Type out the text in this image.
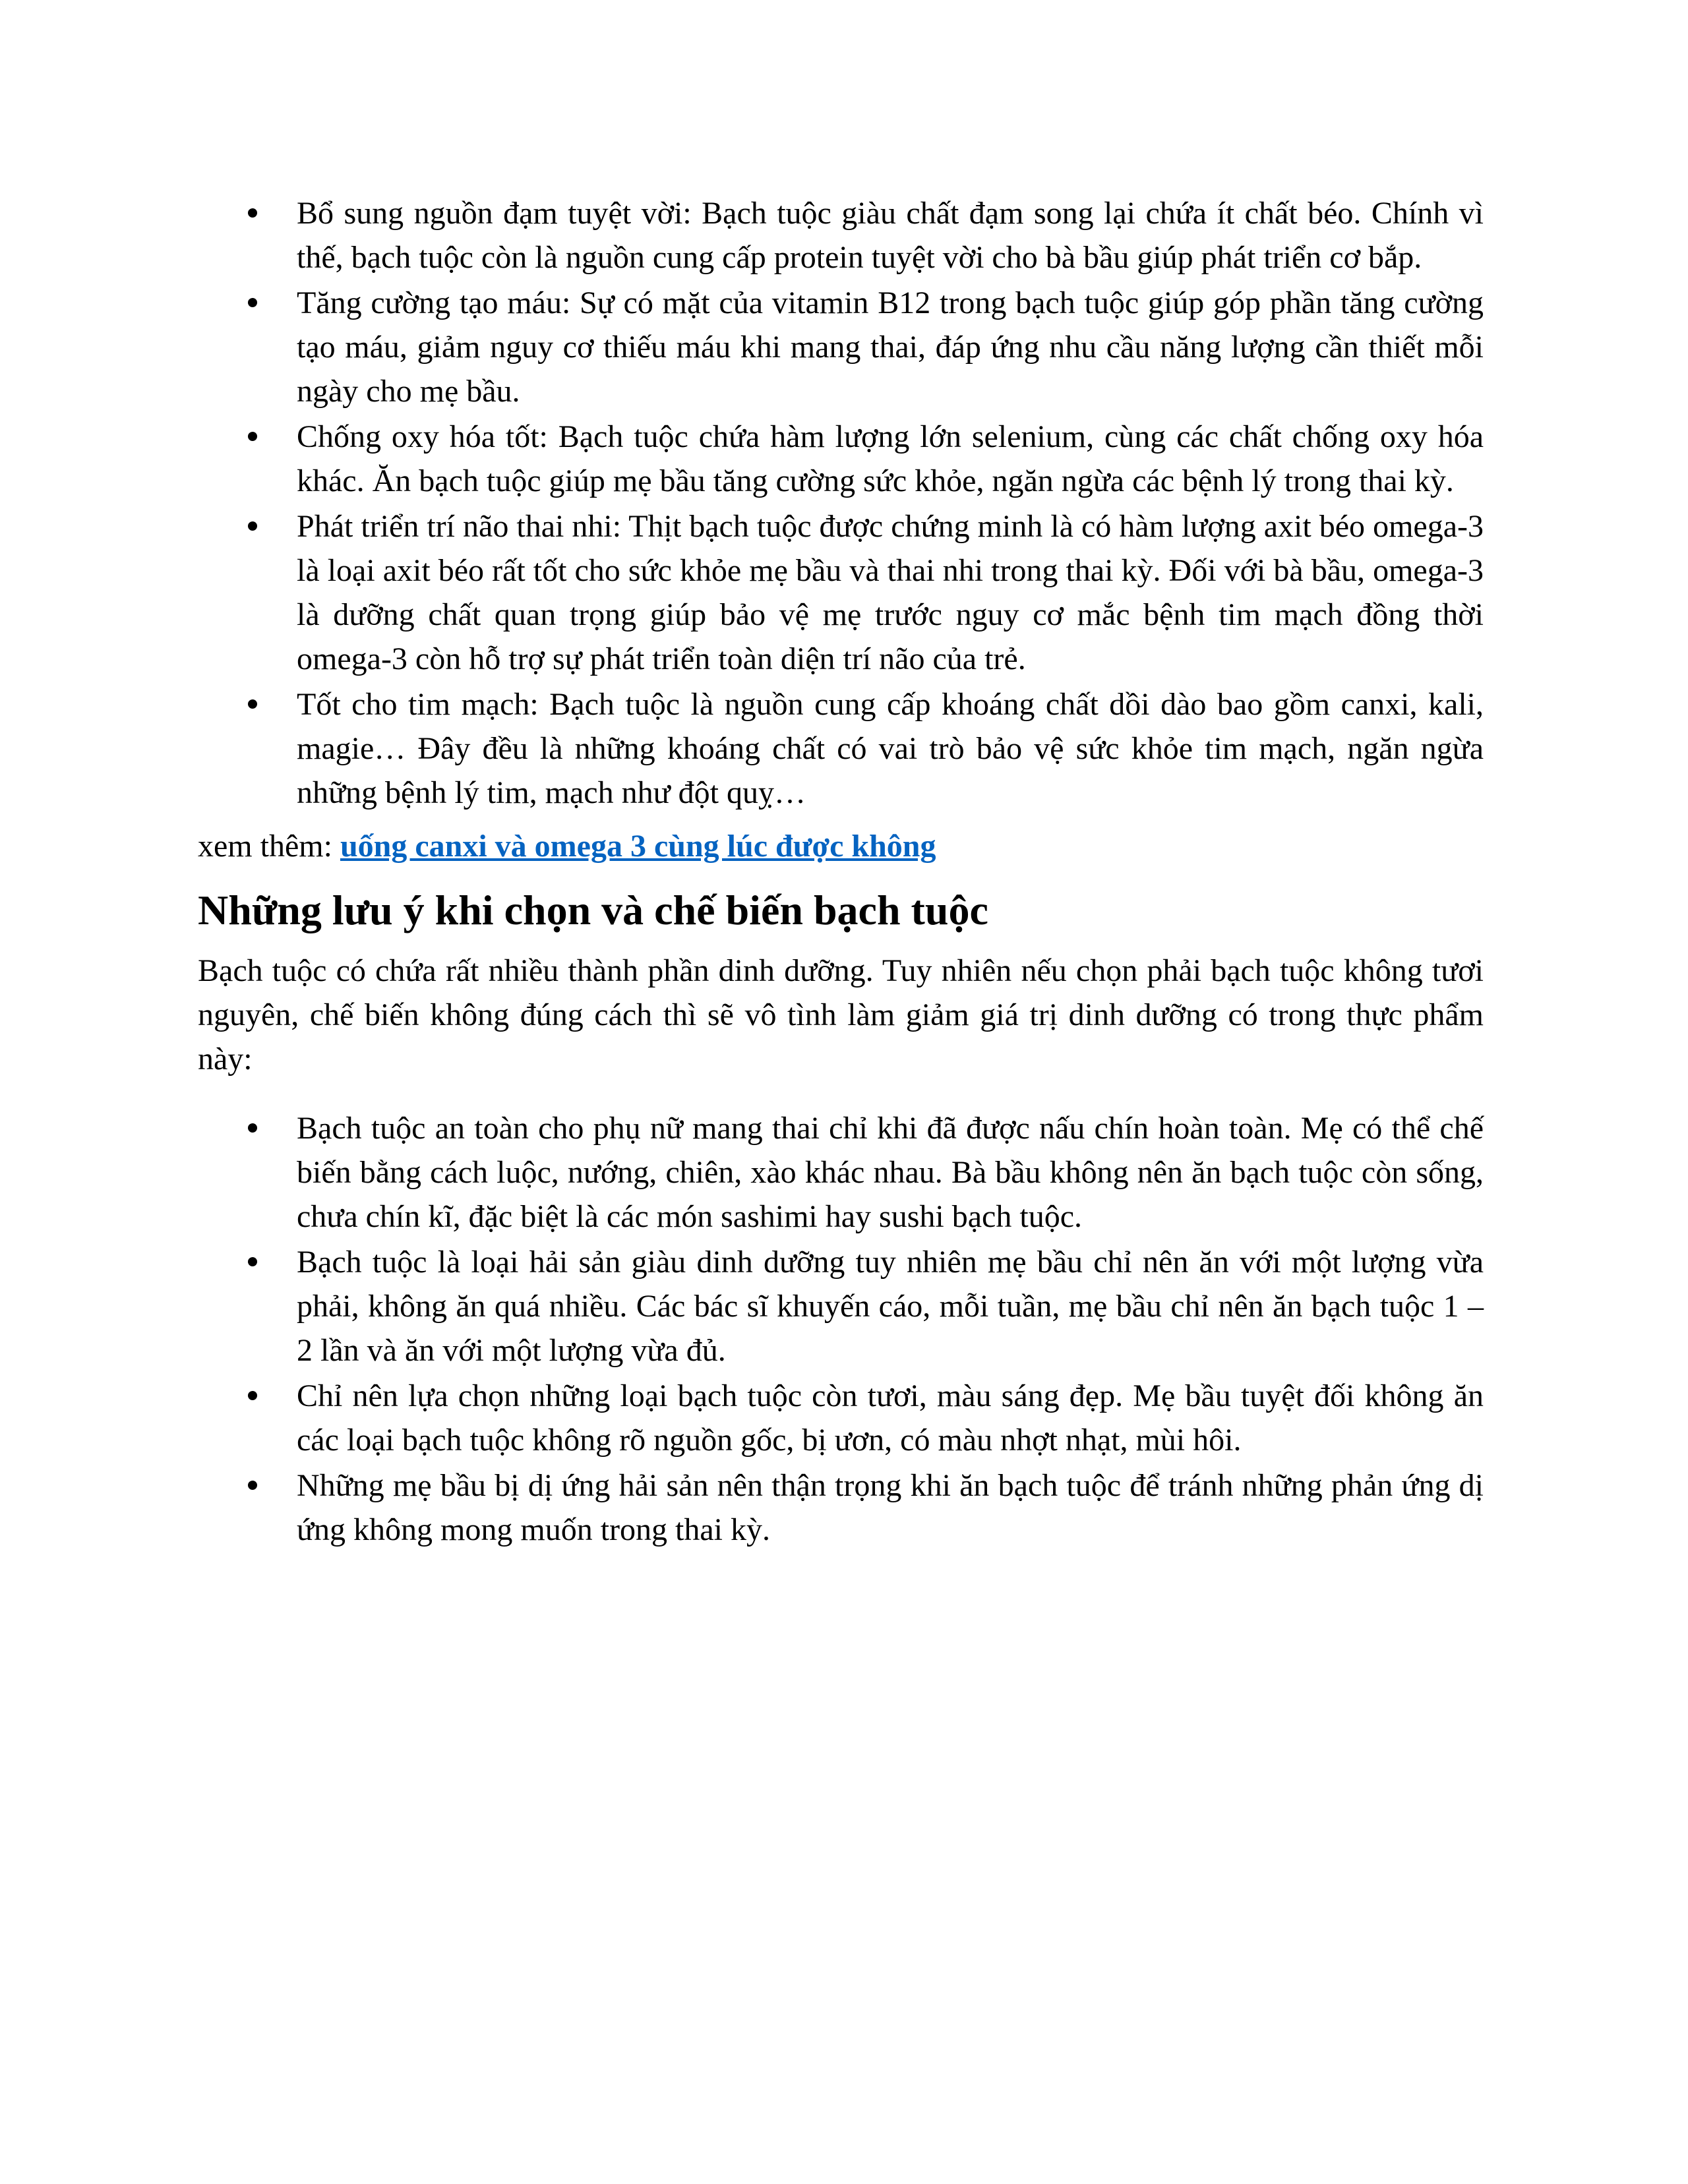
Bổ sung nguồn đạm tuyệt vời: Bạch tuộc giàu chất đạm song lại chứa ít chất béo. Chính vì thế, bạch tuộc còn là nguồn cung cấp protein tuyệt vời cho bà bầu giúp phát triển cơ bắp.
Tăng cường tạo máu: Sự có mặt của vitamin B12 trong bạch tuộc giúp góp phần tăng cường tạo máu, giảm nguy cơ thiếu máu khi mang thai, đáp ứng nhu cầu năng lượng cần thiết mỗi ngày cho mẹ bầu.
Chống oxy hóa tốt: Bạch tuộc chứa hàm lượng lớn selenium, cùng các chất chống oxy hóa khác. Ăn bạch tuộc giúp mẹ bầu tăng cường sức khỏe, ngăn ngừa các bệnh lý trong thai kỳ.
Phát triển trí não thai nhi: Thịt bạch tuộc được chứng minh là có hàm lượng axit béo omega-3 là loại axit béo rất tốt cho sức khỏe mẹ bầu và thai nhi trong thai kỳ. Đối với bà bầu, omega-3 là dưỡng chất quan trọng giúp bảo vệ mẹ trước nguy cơ mắc bệnh tim mạch đồng thời omega-3 còn hỗ trợ sự phát triển toàn diện trí não của trẻ.
Tốt cho tim mạch: Bạch tuộc là nguồn cung cấp khoáng chất dồi dào bao gồm canxi, kali, magie… Đây đều là những khoáng chất có vai trò bảo vệ sức khỏe tim mạch, ngăn ngừa những bệnh lý tim, mạch như đột quỵ…

xem thêm: uống canxi và omega 3 cùng lúc được không

Những lưu ý khi chọn và chế biến bạch tuộc

Bạch tuộc có chứa rất nhiều thành phần dinh dưỡng. Tuy nhiên nếu chọn phải bạch tuộc không tươi nguyên, chế biến không đúng cách thì sẽ vô tình làm giảm giá trị dinh dưỡng có trong thực phẩm này:

Bạch tuộc an toàn cho phụ nữ mang thai chỉ khi đã được nấu chín hoàn toàn. Mẹ có thể chế biến bằng cách luộc, nướng, chiên, xào khác nhau. Bà bầu không nên ăn bạch tuộc còn sống, chưa chín kĩ, đặc biệt là các món sashimi hay sushi bạch tuộc.
Bạch tuộc là loại hải sản giàu dinh dưỡng tuy nhiên mẹ bầu chỉ nên ăn với một lượng vừa phải, không ăn quá nhiều. Các bác sĩ khuyến cáo, mỗi tuần, mẹ bầu chỉ nên ăn bạch tuộc 1 – 2 lần và ăn với một lượng vừa đủ.
Chỉ nên lựa chọn những loại bạch tuộc còn tươi, màu sáng đẹp. Mẹ bầu tuyệt đối không ăn các loại bạch tuộc không rõ nguồn gốc, bị ươn, có màu nhợt nhạt, mùi hôi.
Những mẹ bầu bị dị ứng hải sản nên thận trọng khi ăn bạch tuộc để tránh những phản ứng dị ứng không mong muốn trong thai kỳ.
